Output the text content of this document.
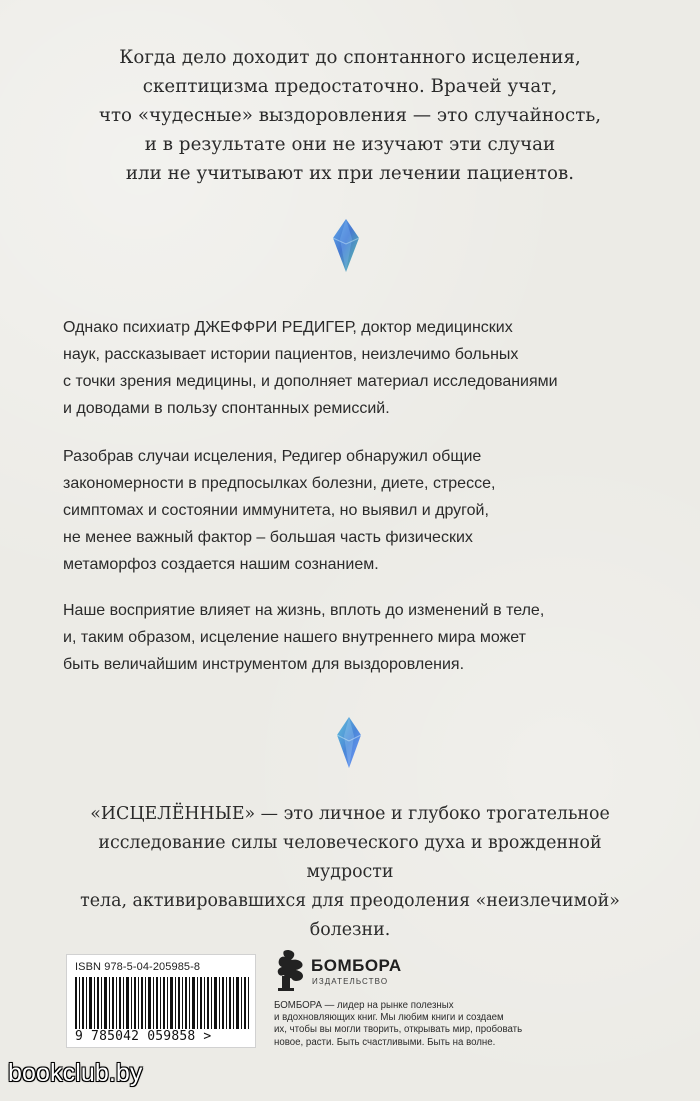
Когда дело доходит до спонтанного исцеления,
скептицизма предостаточно. Врачей учат,
что «чудесные» выздоровления — это случайность,
и в результате они не изучают эти случаи
или не учитывают их при лечении пациентов.
Однако психиатр ДЖЕФФРИ РЕДИГЕР, доктор медицинских
наук, рассказывает истории пациентов, неизлечимо больных
с точки зрения медицины, и дополняет материал исследованиями
и доводами в пользу спонтанных ремиссий.
Разобрав случаи исцеления, Редигер обнаружил общие
закономерности в предпосылках болезни, диете, стрессе,
симптомах и состоянии иммунитета, но выявил и другой,
не менее важный фактор – большая часть физических
метаморфоз создается нашим сознанием.
Наше восприятие влияет на жизнь, вплоть до изменений в теле,
и, таким образом, исцеление нашего внутреннего мира может
быть величайшим инструментом для выздоровления.
«ИСЦЕЛЁННЫЕ» — это личное и глубоко трогательное
исследование силы человеческого духа и врожденной мудрости
тела, активировавшихся для преодоления «неизлечимой» болезни.
ISBN 978-5-04-205985-8
9 785042 059858 >
БОМБОРА
ИЗДАТЕЛЬСТВО
БОМБОРА — лидер на рынке полезных
и вдохновляющих книг. Мы любим книги и создаем
их, чтобы вы могли творить, открывать мир, пробовать
новое, расти. Быть счастливыми. Быть на волне.
bookclub.by
